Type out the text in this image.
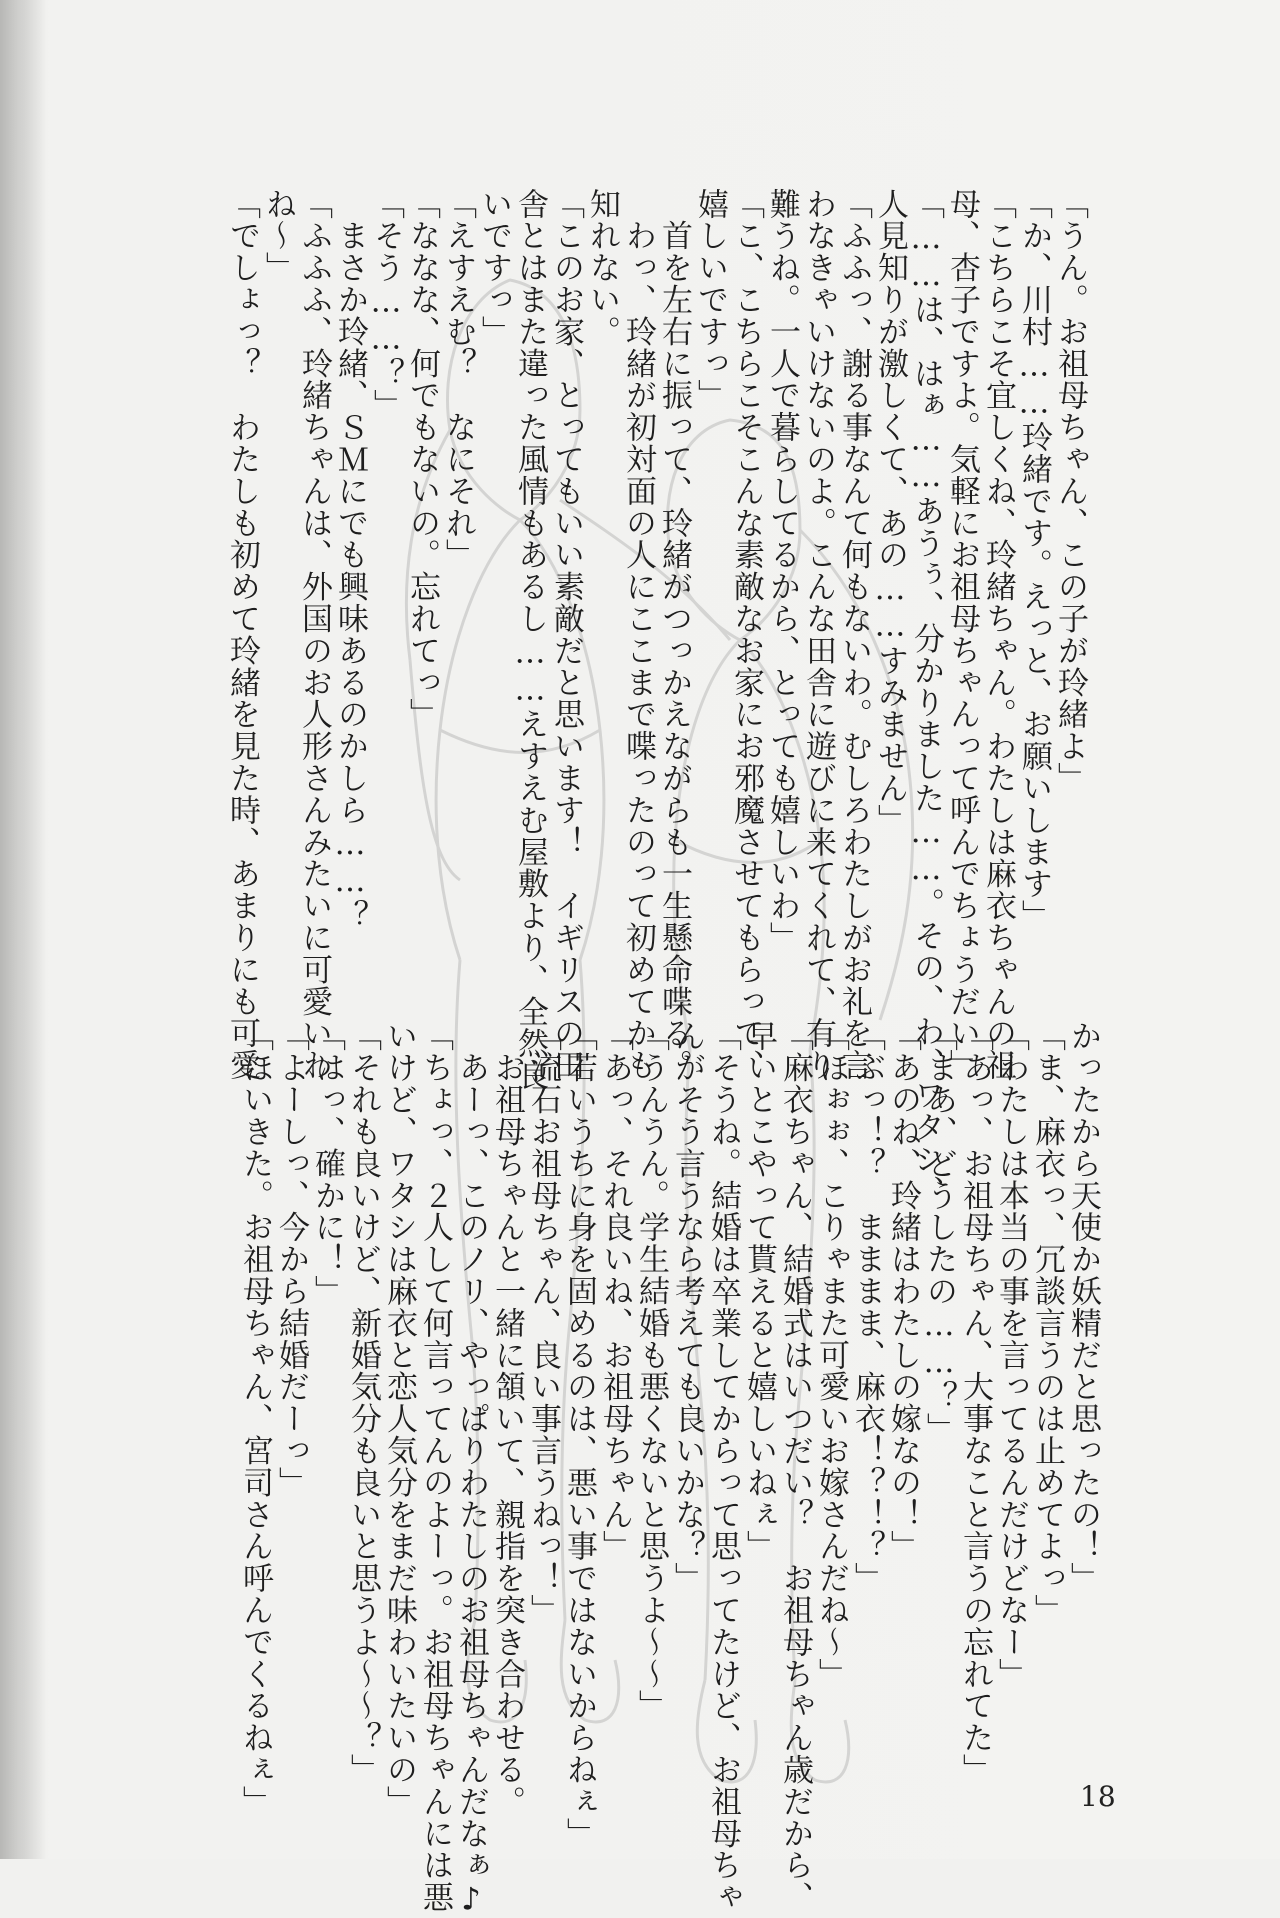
「うん。お祖母ちゃん、この子が玲緒よ」
「か、川村……玲緒です。えっと、お願いします」
「こちらこそ宜しくね、玲緒ちゃん。わたしは麻衣ちゃんの祖
母、杏子ですよ。気軽にお祖母ちゃんって呼んでちょうだい」
「……は、はぁ……あうぅ、分かりました……。その、わ、ワタシ、
人見知りが激しくて、あの……すみません」
「ふふっ、謝る事なんて何もないわ。むしろわたしがお礼を言
わなきゃいけないのよ。こんな田舎に遊びに来てくれて、有り
難うね。一人で暮らしてるから、とっても嬉しいわ」
「こ、こちらこそこんな素敵なお家にお邪魔させてもらって、
嬉しいですっ」
　首を左右に振って、玲緒がつっかえながらも一生懸命喋る。
　わっ、玲緒が初対面の人にここまで喋ったのって初めてかも
知れない。
「このお家、とってもいい素敵だと思います！　イギリスの田
舎とはまた違った風情もあるし……えすえむ屋敷より、全然良
いですっ」
「えすえむ？　なにそれ」
「ななな、何でもないの。忘れてっ」
「そう……？」
　まさか玲緒、ＳＭにでも興味あるのかしら……？
「ふふふ、玲緒ちゃんは、外国のお人形さんみたいに可愛いわ
ね～」
「でしょっ？　わたしも初めて玲緒を見た時、あまりにも可愛
かったから天使か妖精だと思ったの！」
「ま、麻衣っ、冗談言うのは止めてよっ」
「わたしは本当の事を言ってるんだけどなー」
「あっ、お祖母ちゃん、大事なこと言うの忘れてた」
「まあ、どうしたの……？」
「あのね、玲緒はわたしの嫁なの！」
「ぶっ！？　まままま、麻衣！？！？」
「ほぉぉ、こりゃまた可愛いお嫁さんだね～」
「麻衣ちゃん、結婚式はいつだい？　お祖母ちゃん歳だから、
早いとこやって貰えると嬉しいねぇ」
「そうね。結婚は卒業してからって思ってたけど、お祖母ちゃ
んがそう言うなら考えても良いかな？」
「うんうん。学生結婚も悪くないと思うよ～～」
「あっ、それ良いね、お祖母ちゃん」
「若いうちに身を固めるのは、悪い事ではないからねぇ」
「流石お祖母ちゃん、良い事言うねっ！」
　お祖母ちゃんと一緒に頷いて、親指を突き合わせる。
　あーっ、このノリ、やっぱりわたしのお祖母ちゃんだなぁ♪
「ちょっ、２人して何言ってんのよーっ。お祖母ちゃんには悪
いけど、ワタシは麻衣と恋人気分をまだ味わいたいの」
「それも良いけど、新婚気分も良いと思うよ～～？」
「はっ、確かに！」
「よーしっ、今から結婚だーっ」
「ほいきた。お祖母ちゃん、宮司さん呼んでくるねぇ」	18
